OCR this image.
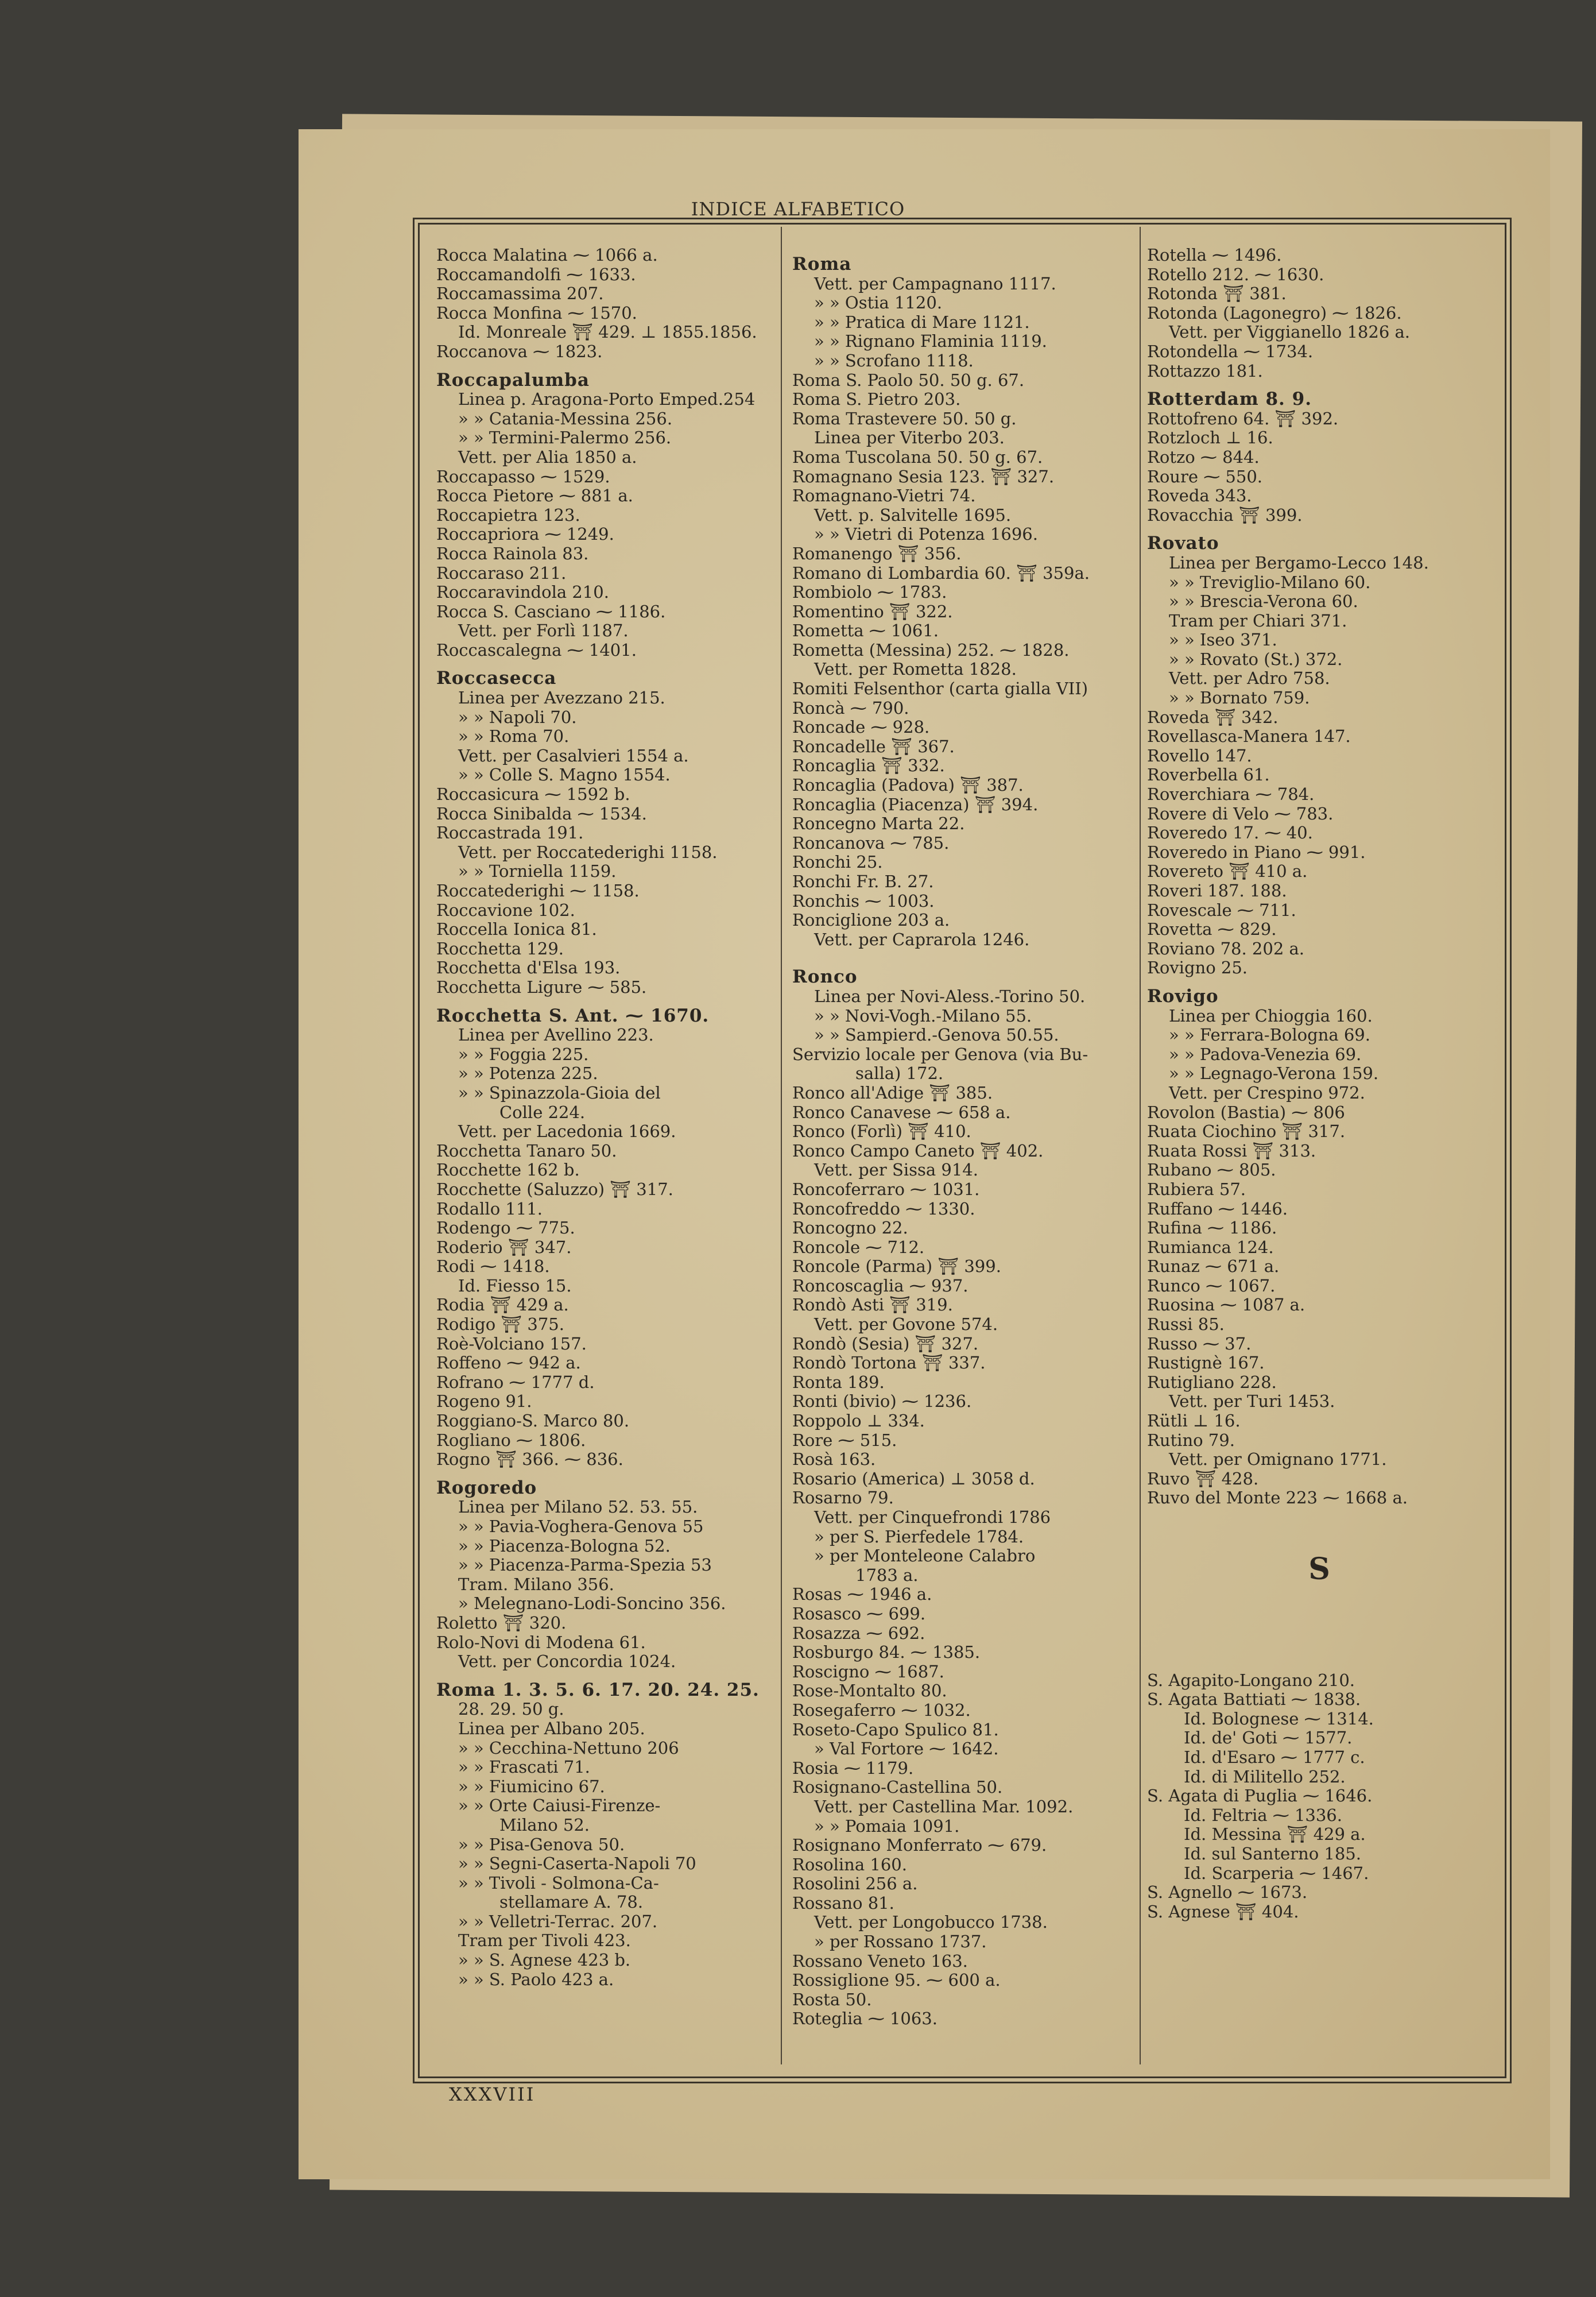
INDICE ALFABETICO
Rocca Malatina ⁓ 1066 a.
Roccamandolfi ⁓ 1633.
Roccamassima 207.
Rocca Monfina ⁓ 1570.
Id. Monreale ⛩ 429. ⊥ 1855.1856.
Roccanova ⁓ 1823.
Roccapalumba
Linea p. Aragona-Porto Emped.254
» » Catania-Messina 256.
» » Termini-Palermo 256.
Vett. per Alia 1850 a.
Roccapasso ⁓ 1529.
Rocca Pietore ⁓ 881 a.
Roccapietra 123.
Roccapriora ⁓ 1249.
Rocca Rainola 83.
Roccaraso 211.
Roccaravindola 210.
Rocca S. Casciano ⁓ 1186.
Vett. per Forlì 1187.
Roccascalegna ⁓ 1401.
Roccasecca
Linea per Avezzano 215.
» » Napoli 70.
» » Roma 70.
Vett. per Casalvieri 1554 a.
» » Colle S. Magno 1554.
Roccasicura ⁓ 1592 b.
Rocca Sinibalda ⁓ 1534.
Roccastrada 191.
Vett. per Roccatederighi 1158.
» » Torniella 1159.
Roccatederighi ⁓ 1158.
Roccavione 102.
Roccella Ionica 81.
Rocchetta 129.
Rocchetta d'Elsa 193.
Rocchetta Ligure ⁓ 585.
Rocchetta S. Ant. ⁓ 1670.
Linea per Avellino 223.
» » Foggia 225.
» » Potenza 225.
» » Spinazzola-Gioia del
Colle 224.
Vett. per Lacedonia 1669.
Rocchetta Tanaro 50.
Rocchette 162 b.
Rocchette (Saluzzo) ⛩ 317.
Rodallo 111.
Rodengo ⁓ 775.
Roderio ⛩ 347.
Rodi ⁓ 1418.
Id. Fiesso 15.
Rodia ⛩ 429 a.
Rodigo ⛩ 375.
Roè-Volciano 157.
Roffeno ⁓ 942 a.
Rofrano ⁓ 1777 d.
Rogeno 91.
Roggiano-S. Marco 80.
Rogliano ⁓ 1806.
Rogno ⛩ 366. ⁓ 836.
Rogoredo
Linea per Milano 52. 53. 55.
» » Pavia-Voghera-Genova 55
» » Piacenza-Bologna 52.
» » Piacenza-Parma-Spezia 53
Tram. Milano 356.
» Melegnano-Lodi-Soncino 356.
Roletto ⛩ 320.
Rolo-Novi di Modena 61.
Vett. per Concordia 1024.
Roma 1. 3. 5. 6. 17. 20. 24. 25.
28. 29. 50 g.
Linea per Albano 205.
» » Cecchina-Nettuno 206
» » Frascati 71.
» » Fiumicino 67.
» » Orte Caiusi-Firenze-
Milano 52.
» » Pisa-Genova 50.
» » Segni-Caserta-Napoli 70
» » Tivoli - Solmona-Ca-
stellamare A. 78.
» » Velletri-Terrac. 207.
Tram per Tivoli 423.
» » S. Agnese 423 b.
» » S. Paolo 423 a.
Roma
Vett. per Campagnano 1117.
» » Ostia 1120.
» » Pratica di Mare 1121.
» » Rignano Flaminia 1119.
» » Scrofano 1118.
Roma S. Paolo 50. 50 g. 67.
Roma S. Pietro 203.
Roma Trastevere 50. 50 g.
Linea per Viterbo 203.
Roma Tuscolana 50. 50 g. 67.
Romagnano Sesia 123. ⛩ 327.
Romagnano-Vietri 74.
Vett. p. Salvitelle 1695.
» » Vietri di Potenza 1696.
Romanengo ⛩ 356.
Romano di Lombardia 60. ⛩ 359a.
Rombiolo ⁓ 1783.
Romentino ⛩ 322.
Rometta ⁓ 1061.
Rometta (Messina) 252. ⁓ 1828.
Vett. per Rometta 1828.
Romiti Felsenthor (carta gialla VII)
Roncà ⁓ 790.
Roncade ⁓ 928.
Roncadelle ⛩ 367.
Roncaglia ⛩ 332.
Roncaglia (Padova) ⛩ 387.
Roncaglia (Piacenza) ⛩ 394.
Roncegno Marta 22.
Roncanova ⁓ 785.
Ronchi 25.
Ronchi Fr. B. 27.
Ronchis ⁓ 1003.
Ronciglione 203 a.
Vett. per Caprarola 1246.
Ronco
Linea per Novi-Aless.-Torino 50.
» » Novi-Vogh.-Milano 55.
» » Sampierd.-Genova 50.55.
Servizio locale per Genova (via Bu-
salla) 172.
Ronco all'Adige ⛩ 385.
Ronco Canavese ⁓ 658 a.
Ronco (Forlì) ⛩ 410.
Ronco Campo Caneto ⛩ 402.
Vett. per Sissa 914.
Roncoferraro ⁓ 1031.
Roncofreddo ⁓ 1330.
Roncogno 22.
Roncole ⁓ 712.
Roncole (Parma) ⛩ 399.
Roncoscaglia ⁓ 937.
Rondò Asti ⛩ 319.
Vett. per Govone 574.
Rondò (Sesia) ⛩ 327.
Rondò Tortona ⛩ 337.
Ronta 189.
Ronti (bivio) ⁓ 1236.
Roppolo ⊥ 334.
Rore ⁓ 515.
Rosà 163.
Rosario (America) ⊥ 3058 d.
Rosarno 79.
Vett. per Cinquefrondi 1786
» per S. Pierfedele 1784.
» per Monteleone Calabro
1783 a.
Rosas ⁓ 1946 a.
Rosasco ⁓ 699.
Rosazza ⁓ 692.
Rosburgo 84. ⁓ 1385.
Roscigno ⁓ 1687.
Rose-Montalto 80.
Rosegaferro ⁓ 1032.
Roseto-Capo Spulico 81.
» Val Fortore ⁓ 1642.
Rosia ⁓ 1179.
Rosignano-Castellina 50.
Vett. per Castellina Mar. 1092.
» » Pomaia 1091.
Rosignano Monferrato ⁓ 679.
Rosolina 160.
Rosolini 256 a.
Rossano 81.
Vett. per Longobucco 1738.
» per Rossano 1737.
Rossano Veneto 163.
Rossiglione 95. ⁓ 600 a.
Rosta 50.
Roteglia ⁓ 1063.
Rotella ⁓ 1496.
Rotello 212. ⁓ 1630.
Rotonda ⛩ 381.
Rotonda (Lagonegro) ⁓ 1826.
Vett. per Viggianello 1826 a.
Rotondella ⁓ 1734.
Rottazzo 181.
Rotterdam 8. 9.
Rottofreno 64. ⛩ 392.
Rotzloch ⊥ 16.
Rotzo ⁓ 844.
Roure ⁓ 550.
Roveda 343.
Rovacchia ⛩ 399.
Rovato
Linea per Bergamo-Lecco 148.
» » Treviglio-Milano 60.
» » Brescia-Verona 60.
Tram per Chiari 371.
» » Iseo 371.
» » Rovato (St.) 372.
Vett. per Adro 758.
» » Bornato 759.
Roveda ⛩ 342.
Rovellasca-Manera 147.
Rovello 147.
Roverbella 61.
Roverchiara ⁓ 784.
Rovere di Velo ⁓ 783.
Roveredo 17. ⁓ 40.
Roveredo in Piano ⁓ 991.
Rovereto ⛩ 410 a.
Roveri 187. 188.
Rovescale ⁓ 711.
Rovetta ⁓ 829.
Roviano 78. 202 a.
Rovigno 25.
Rovigo
Linea per Chioggia 160.
» » Ferrara-Bologna 69.
» » Padova-Venezia 69.
» » Legnago-Verona 159.
Vett. per Crespino 972.
Rovolon (Bastia) ⁓ 806
Ruata Ciochino ⛩ 317.
Ruata Rossi ⛩ 313.
Rubano ⁓ 805.
Rubiera 57.
Ruffano ⁓ 1446.
Rufina ⁓ 1186.
Rumianca 124.
Runaz ⁓ 671 a.
Runco ⁓ 1067.
Ruosina ⁓ 1087 a.
Russi 85.
Russo ⁓ 37.
Rustignè 167.
Rutigliano 228.
Vett. per Turi 1453.
Rütli ⊥ 16.
Rutino 79.
Vett. per Omignano 1771.
Ruvo ⛩ 428.
Ruvo del Monte 223 ⁓ 1668 a.
S
S. Agapito-Longano 210.
S. Agata Battiati ⁓ 1838.
Id. Bolognese ⁓ 1314.
Id. de' Goti ⁓ 1577.
Id. d'Esaro ⁓ 1777 c.
Id. di Militello 252.
S. Agata di Puglia ⁓ 1646.
Id. Feltria ⁓ 1336.
Id. Messina ⛩ 429 a.
Id. sul Santerno 185.
Id. Scarperia ⁓ 1467.
S. Agnello ⁓ 1673.
S. Agnese ⛩ 404.
XXXVIII
